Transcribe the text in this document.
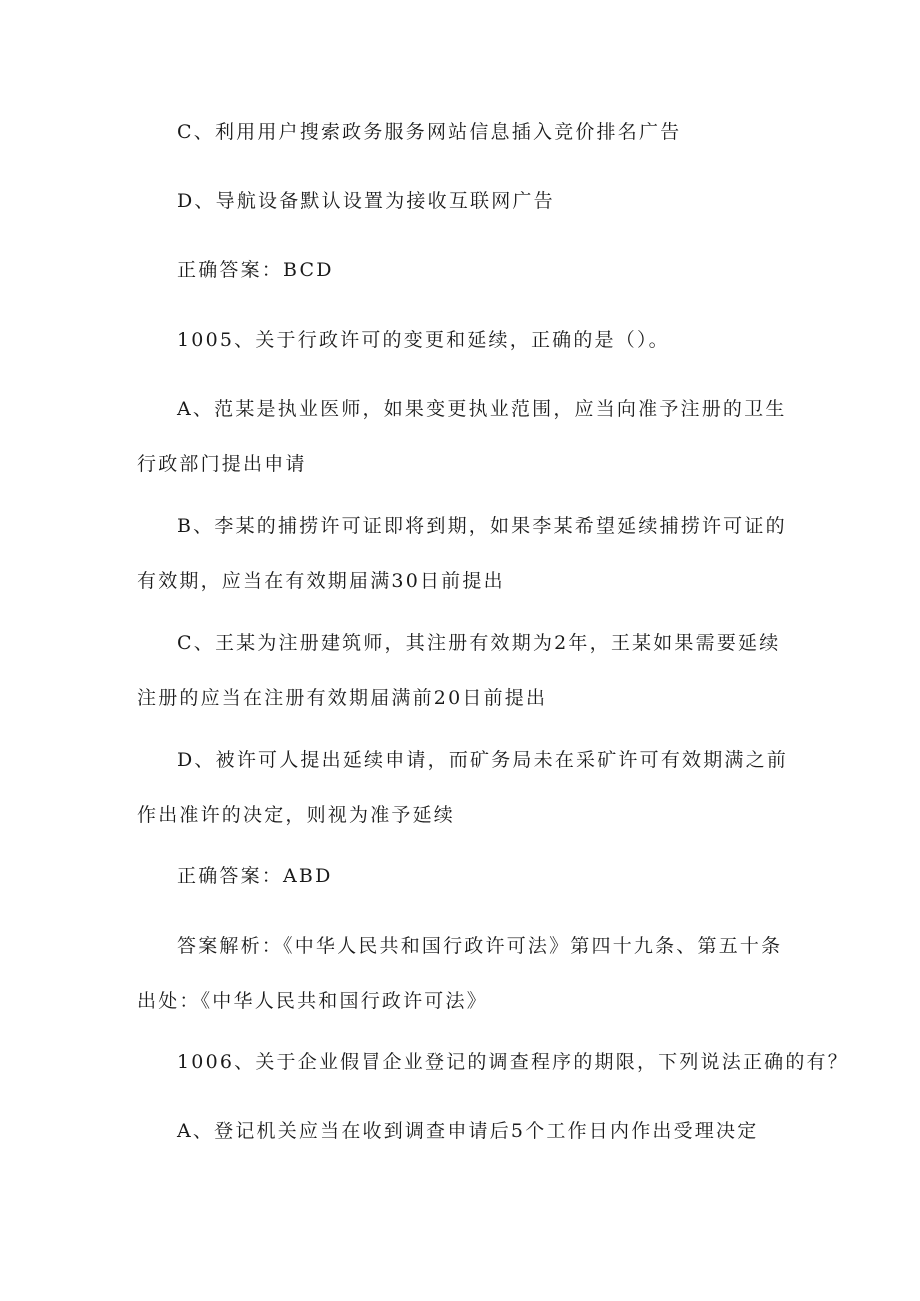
C、利用用户搜索政务服务网站信息插入竞价排名广告

D、导航设备默认设置为接收互联网广告

正确答案：BCD

1005、关于行政许可的变更和延续，正确的是（）。

A、范某是执业医师，如果变更执业范围，应当向准予注册的卫生行政部门提出申请

B、李某的捕捞许可证即将到期，如果李某希望延续捕捞许可证的有效期，应当在有效期届满30日前提出

C、王某为注册建筑师，其注册有效期为2年，王某如果需要延续注册的应当在注册有效期届满前20日前提出

D、被许可人提出延续申请，而矿务局未在采矿许可有效期满之前作出准许的决定，则视为准予延续

正确答案：ABD

答案解析：《中华人民共和国行政许可法》第四十九条、第五十条出处：《中华人民共和国行政许可法》

1006、关于企业假冒企业登记的调查程序的期限，下列说法正确的有？

A、登记机关应当在收到调查申请后5个工作日内作出受理决定
